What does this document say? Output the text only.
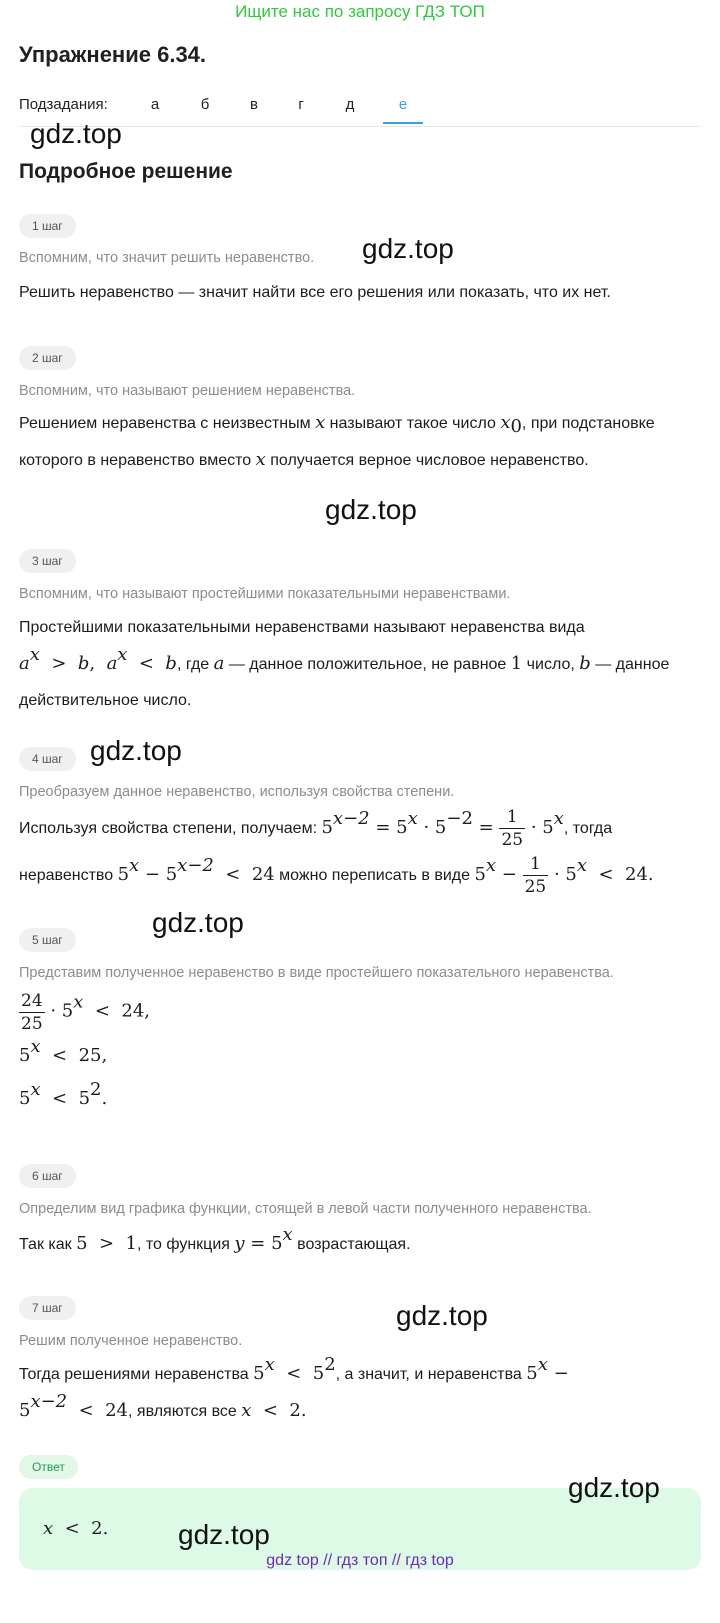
Ищите нас по запросу ГДЗ ТОП
Упражнение 6.34.
Подзадания:	а	б	в	г	д	е
Подробное решение
1 шаг
Вспомним, что значит решить неравенство.
Решить неравенство — значит найти все его решения или показать, что их нет.
2 шаг
Вспомним, что называют решением неравенства.
Решением неравенства с неизвестным x называют такое число $x_0$, при подстановке которого в неравенство вместо x получается верное числовое неравенство.
3 шаг
Вспомним, что называют простейшими показательными неравенствами.
Простейшими показательными неравенствами называют неравенства вида
$a^x > b$,  $a^x < b$, где a — данное положительное, не равное 1 число, b — данное действительное число.
4 шаг
Преобразуем данное неравенство, используя свойства степени.
Используя свойства степени, получаем: $5^{x-2} = 5^x \cdot 5^{-2} = \frac{1}{25} \cdot 5^x$, тогда
неравенство $5^x - 5^{x-2} < 24$ можно переписать в виде $5^x - \frac{1}{25} \cdot 5^x < 24$.
5 шаг
Представим полученное неравенство в виде простейшего показательного неравенства.
$\frac{24}{25} \cdot 5^x < 24$,
5$^x$  <  25,
$5^x < 5^2$.
6 шаг
Определим вид графика функции, стоящей в левой части полученного неравенства.
Так как 5  >  1, то функция $y = 5^x$ возрастающая.
7 шаг
Решим полученное неравенство.
Тогда решениями неравенства $5^x < 5^2$, а значит, и неравенства $5^x$ −
$5^{x-2} < 24$, являются все x  <  2.
Ответ
x  <  2.
gdz.top
gdz.top
gdz.top
gdz.top
gdz.top
gdz.top
gdz.top
gdz.top
gdz top // гдз топ // гдз top
